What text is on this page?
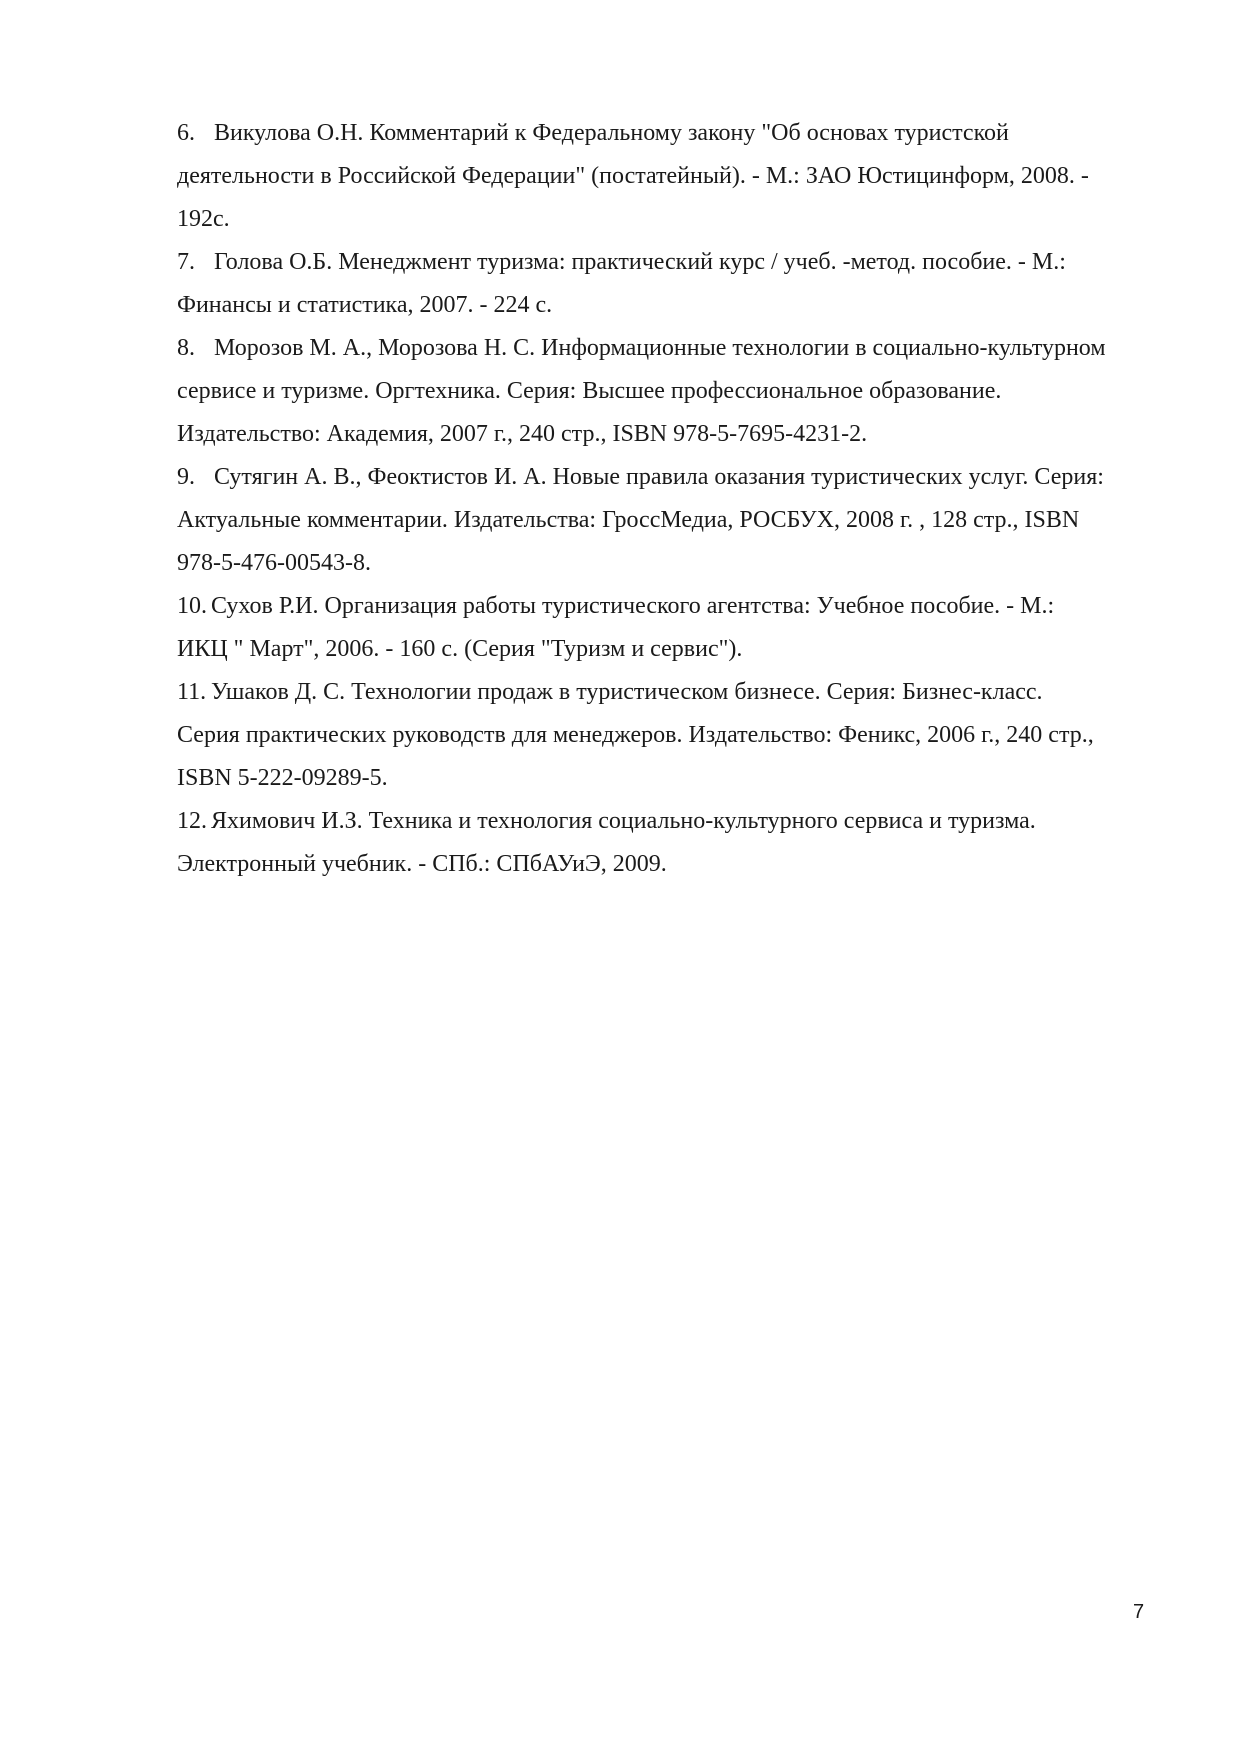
6. Викулова О.Н. Комментарий к Федеральному закону "Об основах туристской
деятельности в Российской Федерации" (постатейный). - М.: ЗАО Юстицинформ, 2008. -
192с.
7. Голова О.Б. Менеджмент туризма: практический курс / учеб. -метод. пособие. - М.:
Финансы и статистика, 2007. - 224 с.
8. Морозов М. А., Морозова Н. С. Информационные технологии в социально-культурном
сервисе и туризме. Оргтехника. Серия: Высшее профессиональное образование.
Издательство: Академия, 2007 г., 240 стр., ISBN 978-5-7695-4231-2.
9. Сутягин А. В., Феоктистов И. А. Новые правила оказания туристических услуг. Серия:
Актуальные комментарии. Издательства: ГроссМедиа, РОСБУХ, 2008 г. , 128 стр., ISBN
978-5-476-00543-8.
10. Сухов Р.И. Организация работы туристического агентства: Учебное пособие. - М.:
ИКЦ " Март", 2006. - 160 с. (Серия "Туризм и сервис").
11. Ушаков Д. С. Технологии продаж в туристическом бизнесе. Серия: Бизнес-класс.
Серия практических руководств для менеджеров. Издательство: Феникс, 2006 г., 240 стр.,
ISBN 5-222-09289-5.
12. Яхимович И.З. Техника и технология социально-культурного сервиса и туризма.
Электронный учебник. - СПб.: СПбАУиЭ, 2009.
7
